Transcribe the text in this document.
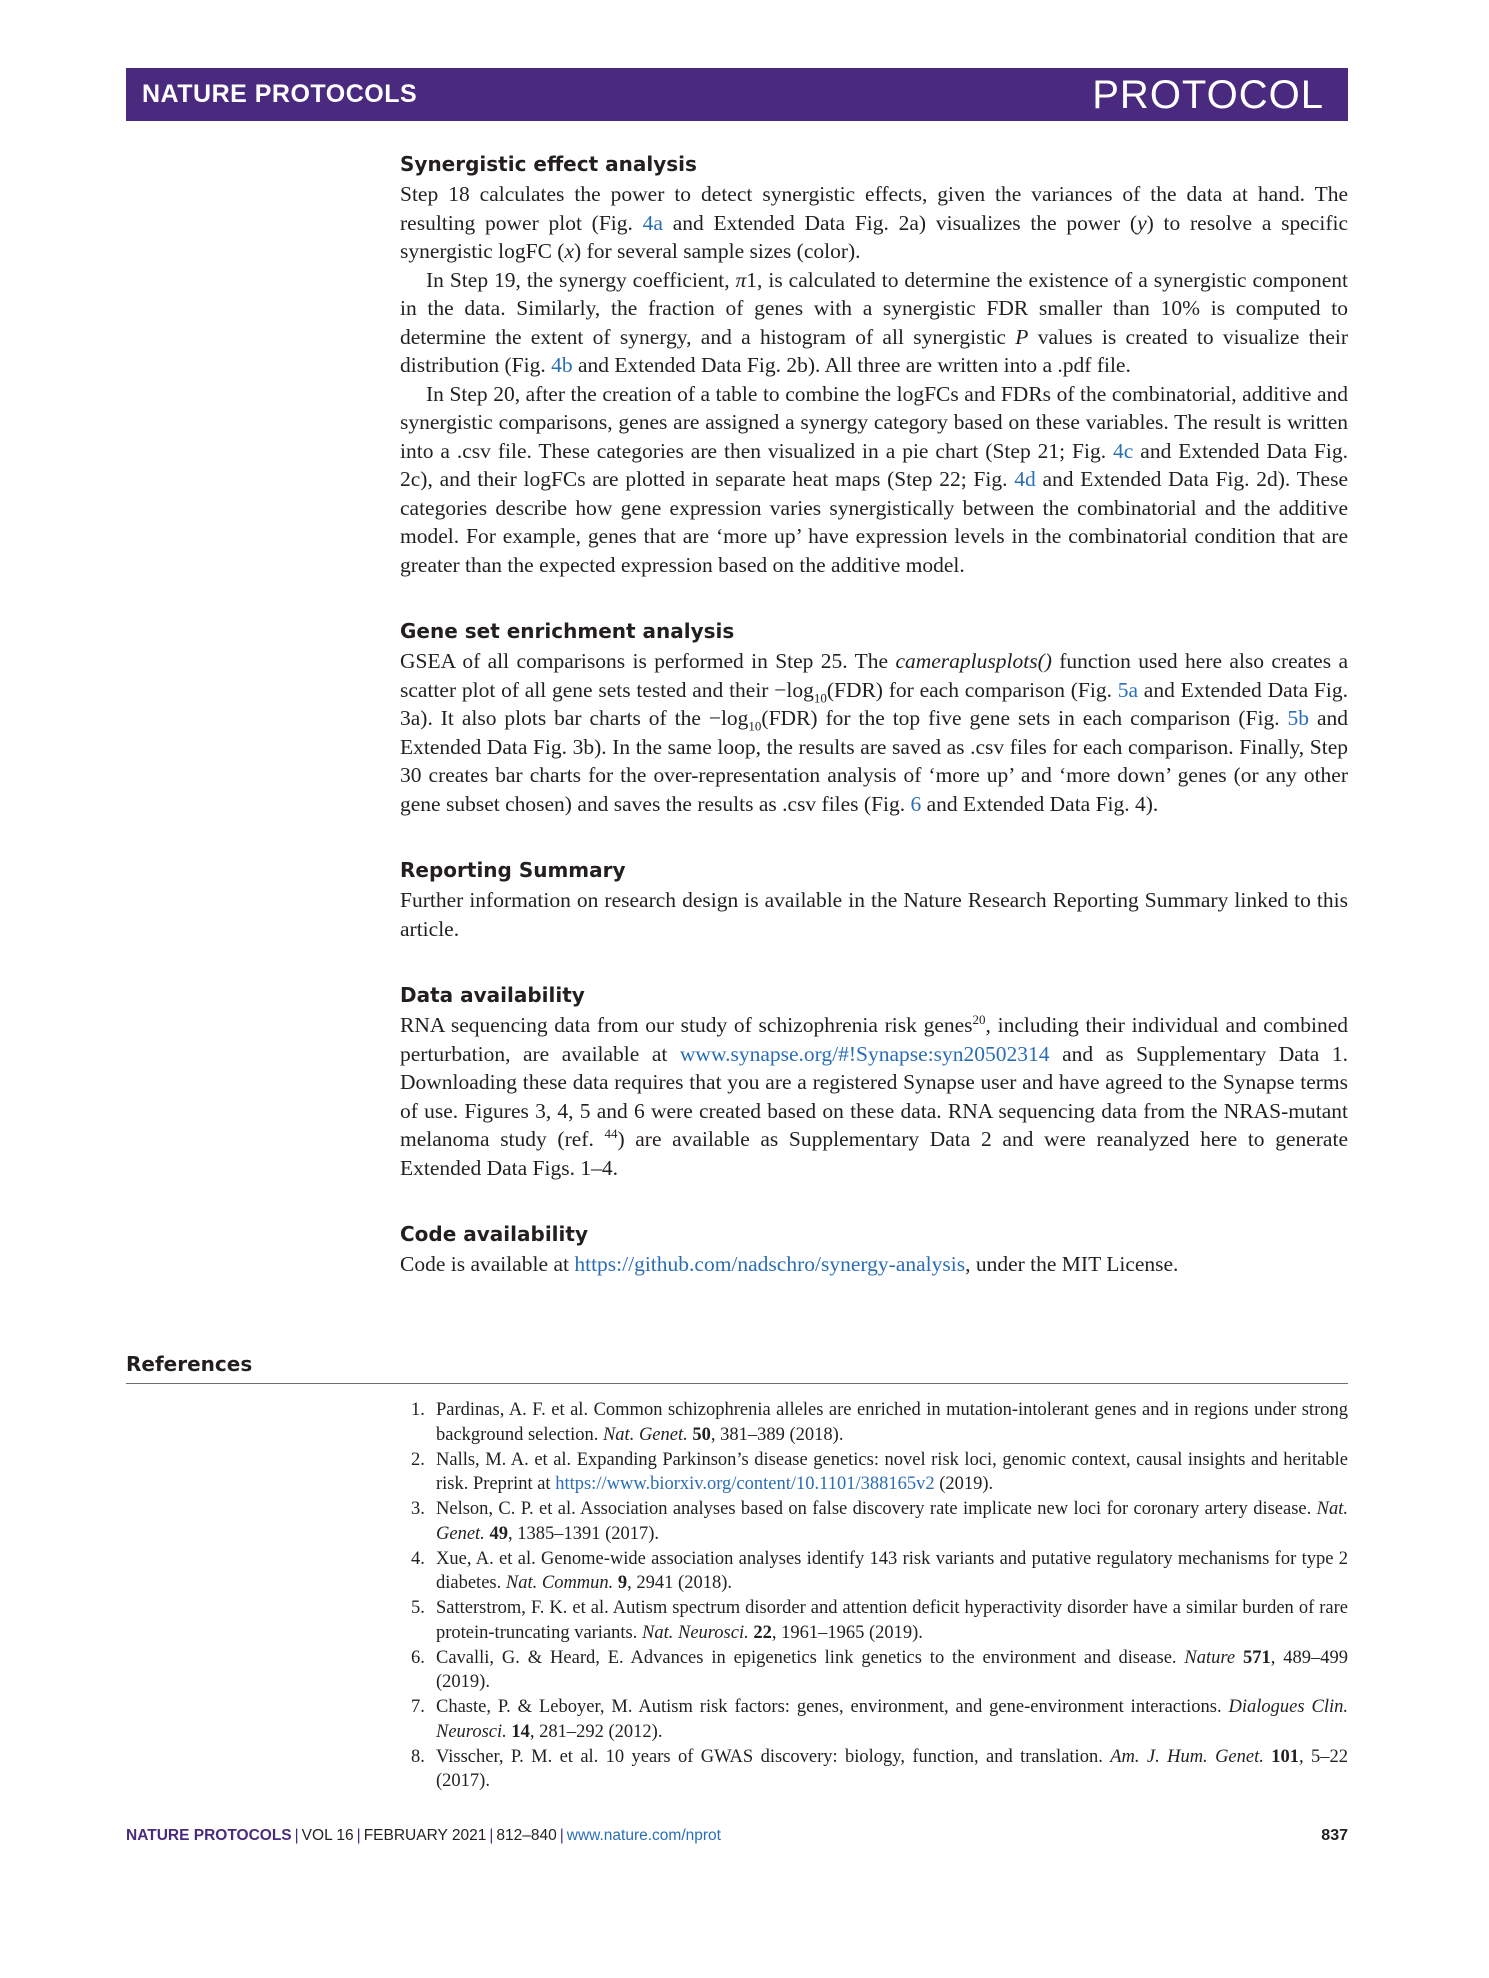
NATURE PROTOCOLS	PROTOCOL
Synergistic effect analysis

Step 18 calculates the power to detect synergistic effects, given the variances of the data at hand. The resulting power plot (Fig. 4a and Extended Data Fig. 2a) visualizes the power (y) to resolve a specific synergistic logFC (x) for several sample sizes (color).

In Step 19, the synergy coefficient, π1, is calculated to determine the existence of a synergistic component in the data. Similarly, the fraction of genes with a synergistic FDR smaller than 10% is computed to determine the extent of synergy, and a histogram of all synergistic P values is created to visualize their distribution (Fig. 4b and Extended Data Fig. 2b). All three are written into a .pdf file.

In Step 20, after the creation of a table to combine the logFCs and FDRs of the combinatorial, additive and synergistic comparisons, genes are assigned a synergy category based on these variables. The result is written into a .csv file. These categories are then visualized in a pie chart (Step 21; Fig. 4c and Extended Data Fig. 2c), and their logFCs are plotted in separate heat maps (Step 22; Fig. 4d and Extended Data Fig. 2d). These categories describe how gene expression varies synergistically between the combinatorial and the additive model. For example, genes that are ‘more up’ have expression levels in the combinatorial condition that are greater than the expected expression based on the additive model.

Gene set enrichment analysis

GSEA of all comparisons is performed in Step 25. The cameraplusplots() function used here also creates a scatter plot of all gene sets tested and their $-\log_{10}(FDR)$ for each comparison (Fig. 5a and Extended Data Fig. 3a). It also plots bar charts of the $-\log_{10}(FDR)$ for the top five gene sets in each comparison (Fig. 5b and Extended Data Fig. 3b). In the same loop, the results are saved as .csv files for each comparison. Finally, Step 30 creates bar charts for the over-representation analysis of ‘more up’ and ‘more down’ genes (or any other gene subset chosen) and saves the results as .csv files (Fig. 6 and Extended Data Fig. 4).

Reporting Summary

Further information on research design is available in the Nature Research Reporting Summary linked to this article.

Data availability

RNA sequencing data from our study of schizophrenia risk genes$^{20}$, including their individual and combined perturbation, are available at www.synapse.org/#!Synapse:syn20502314 and as Supplementary Data 1. Downloading these data requires that you are a registered Synapse user and have agreed to the Synapse terms of use. Figures 3, 4, 5 and 6 were created based on these data. RNA sequencing data from the NRAS-mutant melanoma study (ref. $^{44}$) are available as Supplementary Data 2 and were reanalyzed here to generate Extended Data Figs. 1–4.

Code availability

Code is available at https://github.com/nadschro/synergy-analysis, under the MIT License.

References
1. Pardinas, A. F. et al. Common schizophrenia alleles are enriched in mutation-intolerant genes and in regions under strong background selection. Nat. Genet. 50, 381–389 (2018).
2. Nalls, M. A. et al. Expanding Parkinson’s disease genetics: novel risk loci, genomic context, causal insights and heritable risk. Preprint at https://www.biorxiv.org/content/10.1101/388165v2 (2019).
3. Nelson, C. P. et al. Association analyses based on false discovery rate implicate new loci for coronary artery disease. Nat. Genet. 49, 1385–1391 (2017).
4. Xue, A. et al. Genome-wide association analyses identify 143 risk variants and putative regulatory mechanisms for type 2 diabetes. Nat. Commun. 9, 2941 (2018).
5. Satterstrom, F. K. et al. Autism spectrum disorder and attention deficit hyperactivity disorder have a similar burden of rare protein-truncating variants. Nat. Neurosci. 22, 1961–1965 (2019).
6. Cavalli, G. & Heard, E. Advances in epigenetics link genetics to the environment and disease. Nature 571, 489–499 (2019).
7. Chaste, P. & Leboyer, M. Autism risk factors: genes, environment, and gene-environment interactions. Dialogues Clin. Neurosci. 14, 281–292 (2012).
8. Visscher, P. M. et al. 10 years of GWAS discovery: biology, function, and translation. Am. J. Hum. Genet. 101, 5–22 (2017).
NATURE PROTOCOLS | VOL 16 | FEBRUARY 2021 | 812–840 | www.nature.com/nprot	837
